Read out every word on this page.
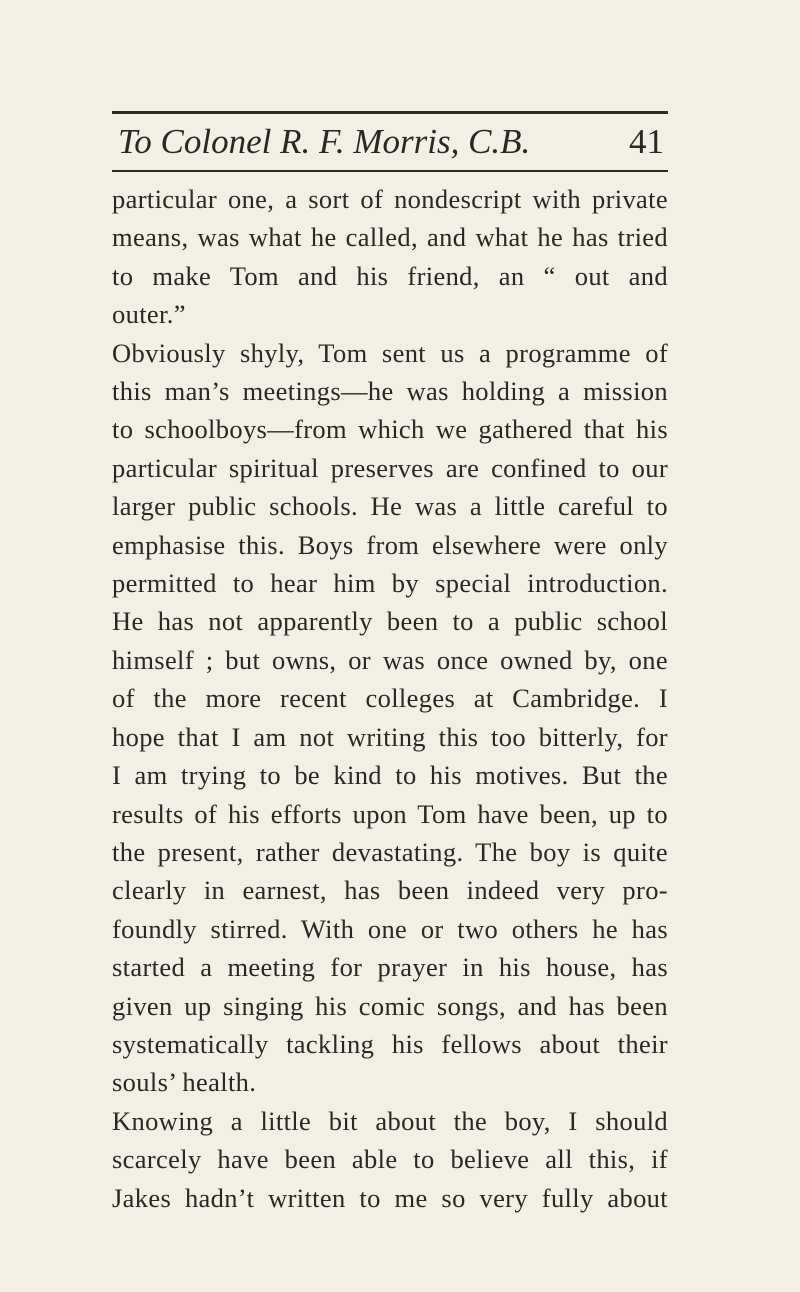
To Colonel R. F. Morris, C.B.	41
particular one, a sort of nondescript with private
means, was what he called, and what he has tried
to make Tom and his friend, an “ out and
outer.”
Obviously shyly, Tom sent us a programme of
this man’s meetings—he was holding a mission
to schoolboys—from which we gathered that his
particular spiritual preserves are confined to our
larger public schools. He was a little careful to
emphasise this. Boys from elsewhere were only
permitted to hear him by special introduction.
He has not apparently been to a public school
himself ; but owns, or was once owned by, one
of the more recent colleges at Cambridge. I
hope that I am not writing this too bitterly, for
I am trying to be kind to his motives. But the
results of his efforts upon Tom have been, up to
the present, rather devastating. The boy is quite
clearly in earnest, has been indeed very pro-
foundly stirred. With one or two others he has
started a meeting for prayer in his house, has
given up singing his comic songs, and has been
systematically tackling his fellows about their
souls’ health.
Knowing a little bit about the boy, I should
scarcely have been able to believe all this, if
Jakes hadn’t written to me so very fully about
